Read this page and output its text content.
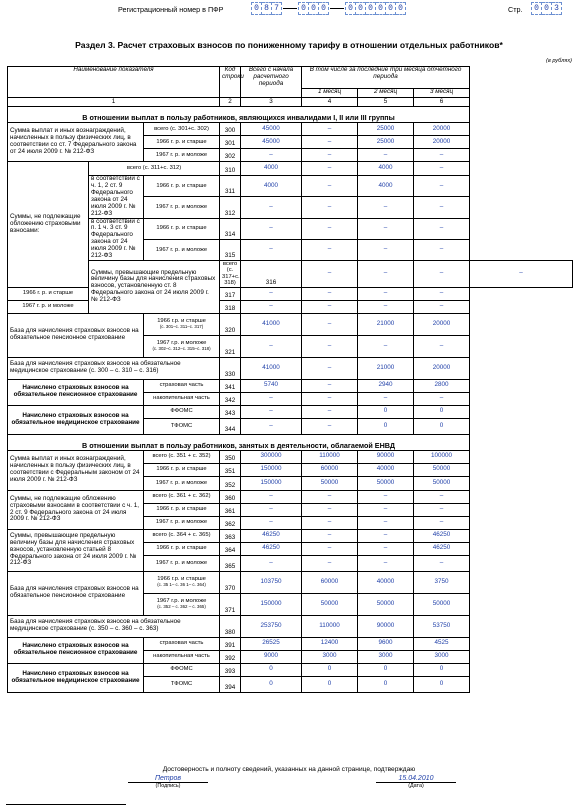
Регистрационный номер в ПФР	0 8 7	0 0 0	0 0 0 0 0 0	Стр.	0 0 3
Раздел 3. Расчет страховых взносов по пониженному тарифу в отношении отдельных работников*
(в рублях)
Наименование показателя			Код строки	Всего с начала расчетного периода	В том числе за последние три месяца отчетного периода			
					1 месяц	2 месяц	3 месяц	
1			2	3	4	5	6	
В отношении выплат в пользу работников, являющихся инвалидами I, II или III группы								
Сумма выплат и иных вознаграждений, начисленных в пользу физических лиц, в соответствии со ст. 7 Федерального закона от 24 июля 2009 г. № 212-ФЗ		всего (с. 301+с. 302)	300	45000	–	25000	20000	
		1966 г. р. и старше	301	45000	–	25000	20000	
		1967 г. р. и моложе	302	–	–	–	–	
Суммы, не подлежащие обложению страховыми взносами:	всего (с. 311+с. 312)		310	4000	–	4000	–	
	в соответствии с ч. 1, 2 ст. 9 Федерального закона от 24 июля 2009 г. № 212-ФЗ	1966 г. р. и старше	311	4000	–	4000	–	
		1967 г. р. и моложе	312	–	–	–	–	
	в соответствии с п. 1 ч. 3 ст. 9 Федерального закона от 24 июля 2009 г. № 212-ФЗ	1966 г. р. и старше	314	–	–	–	–	
		1967 г. р. и моложе	315	–	–	–	–	
	Суммы, превышающие предельную величину базы для начисления страховых взносов, установленную ст. 8 Федерального закона от 24 июля 2009 г. № 212-ФЗ		всего (с. 317+с. 318)	316	–	–	–	–
1966 г. р. и старше			317	–	–	–	–	
1967 г. р. и моложе			318	–	–	–	–	
База для начисления страховых взносов на обязательное пенсионное страхование		1966 г.р. и старше
(с. 301–с. 311–с. 317)	320	41000	–	21000	20000	
		1967 г.р. и моложе
(с. 302–с. 312–с. 315–с. 318)	321	–	–	–	–	
База для начисления страховых взносов на обязательное медицинское страхование (с. 300 – с. 310 – с. 316)			330	41000	–	21000	20000	
Начислено страховых взносов на обязательное пенсионное страхование		страховая часть	341	5740	–	2940	2800	
		накопительная часть	342	–	–	–	–	
Начислено страховых взносов на обязательное медицинское страхование		ФФОМС	343	–	–	0	0	
		ТФОМС	344	–	–	0	0	
В отношении выплат в пользу работников, занятых в деятельности, облагаемой ЕНВД								
Сумма выплат и иных вознаграждений, начисленных в пользу физических лиц, в соответствии с Федеральным законом от 24 июля 2009 г. № 212-ФЗ		всего (с. 351 + с. 352)	350	300000	110000	90000	100000	
		1966 г. р. и старше	351	150000	60000	40000	50000	
		1967 г. р. и моложе	352	150000	50000	50000	50000	
Суммы, не подлежащие обложению страховыми взносами в соответствии с ч. 1, 2 ст. 9 Федерального закона от 24 июля 2009 г. № 212-ФЗ		всего (с. 361 + с. 362)	360	–	–	–	–	
		1966 г. р. и старше	361	–	–	–	–	
		1967 г. р. и моложе	362	–	–	–	–	
Суммы, превышающие предельную величину базы для начисления страховых взносов, установленную статьей 8 Федерального закона от 24 июля 2009 г. № 212-ФЗ		всего (с. 364 + с. 365)	363	46250	–	–	46250	
		1966 г. р. и старше	364	46250	–	–	46250	
		1967 г. р. и моложе	365	–	–	–	–	
База для начисления страховых взносов на обязательное пенсионное страхование		1966 г.р. и старше
(с. 35 1– с. 36 1– с. 364)	370	103750	60000	40000	3750	
		1967 г.р. и моложе
(с. 352 – с. 362 – с. 365)	371	150000	50000	50000	50000	
База для начисления страховых взносов на обязательное медицинское страхование (с. 350 – с. 360 – с. 363)			380	253750	110000	90000	53750	
Начислено страховых взносов на обязательное пенсионное страхование		страховая часть	391	26525	12400	9600	4525	
		накопительная часть	392	9000	3000	3000	3000	
Начислено страховых взносов на обязательное медицинское страхование		ФФОМС	393	0	0	0	0	
		ТФОМС	394	0	0	0	0	
Достоверность и полноту сведений, указанных на данной странице, подтверждаю
Петров
(Подпись)
15.04.2010
(Дата)
